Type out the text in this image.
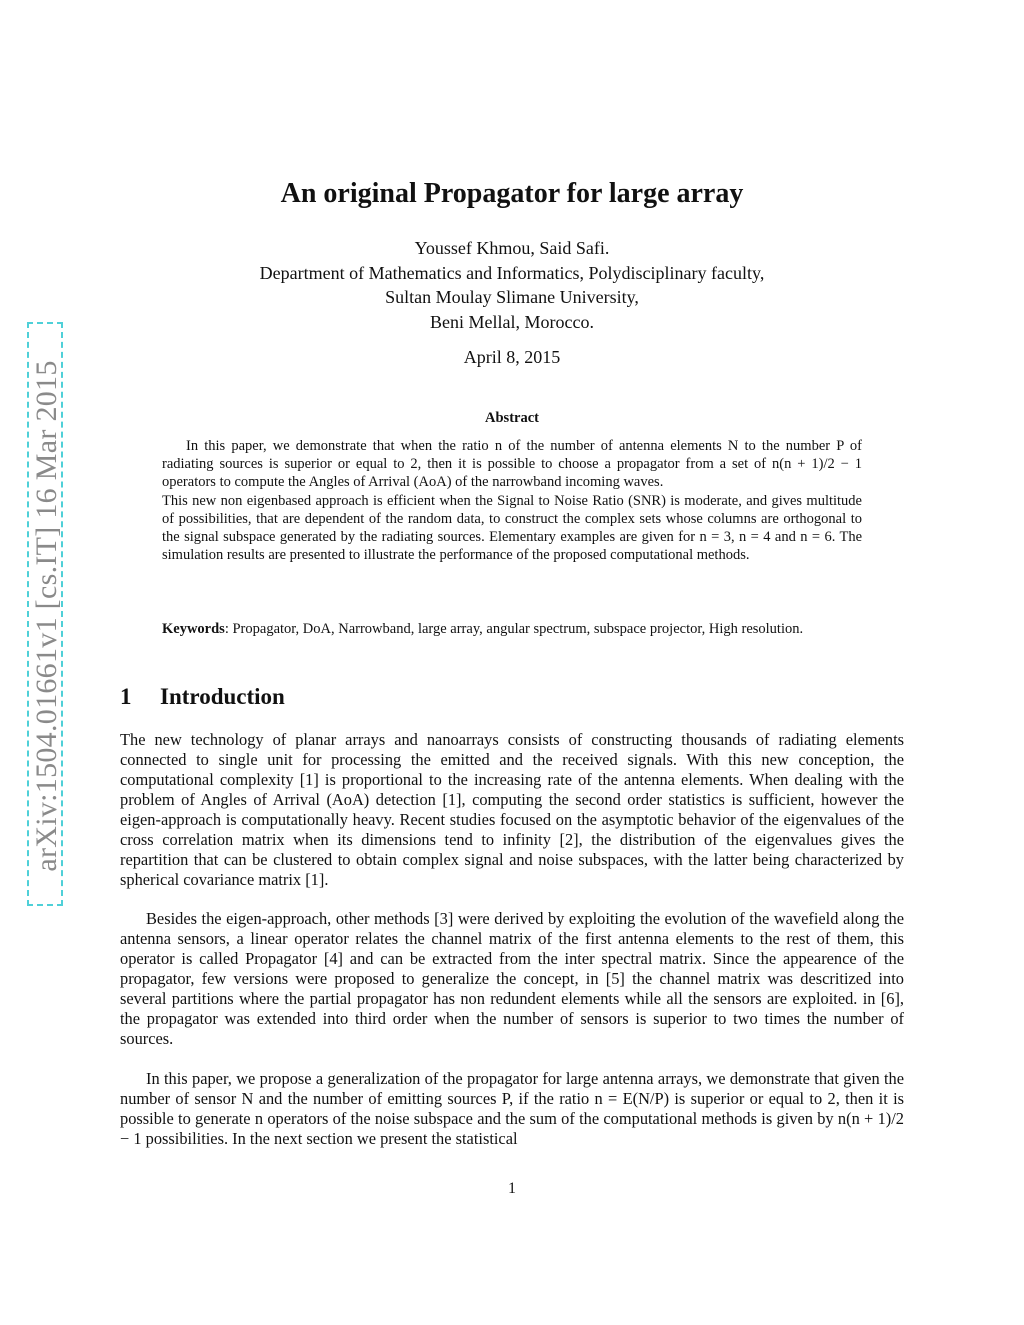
arXiv:1504.01661v1 [cs.IT] 16 Mar 2015
An original Propagator for large array
Youssef Khmou, Said Safi.
Department of Mathematics and Informatics, Polydisciplinary faculty,
Sultan Moulay Slimane University,
Beni Mellal, Morocco.
April 8, 2015
Abstract

In this paper, we demonstrate that when the ratio n of the number of antenna elements N to the number P of radiating sources is superior or equal to 2, then it is possible to choose a propagator from a set of n(n + 1)/2 − 1 operators to compute the Angles of Arrival (AoA) of the narrowband incoming waves.

This new non eigenbased approach is efficient when the Signal to Noise Ratio (SNR) is moderate, and gives multitude of possibilities, that are dependent of the random data, to construct the complex sets whose columns are orthogonal to the signal subspace generated by the radiating sources. Elementary examples are given for n = 3, n = 4 and n = 6. The simulation results are presented to illustrate the performance of the proposed computational methods.

Keywords: Propagator, DoA, Narrowband, large array, angular spectrum, subspace projector, High resolution.
1 Introduction

The new technology of planar arrays and nanoarrays consists of constructing thousands of radiating elements connected to single unit for processing the emitted and the received signals. With this new conception, the computational complexity [1] is proportional to the increasing rate of the antenna elements. When dealing with the problem of Angles of Arrival (AoA) detection [1], computing the second order statistics is sufficient, however the eigen-approach is computationally heavy. Recent studies focused on the asymptotic behavior of the eigenvalues of the cross correlation matrix when its dimensions tend to infinity [2], the distribution of the eigenvalues gives the repartition that can be clustered to obtain complex signal and noise subspaces, with the latter being characterized by spherical covariance matrix [1].

Besides the eigen-approach, other methods [3] were derived by exploiting the evolution of the wavefield along the antenna sensors, a linear operator relates the channel matrix of the first antenna elements to the rest of them, this operator is called Propagator [4] and can be extracted from the inter spectral matrix. Since the appearence of the propagator, few versions were proposed to generalize the concept, in [5] the channel matrix was descritized into several partitions where the partial propagator has non redundent elements while all the sensors are exploited. in [6], the propagator was extended into third order when the number of sensors is superior to two times the number of sources.

In this paper, we propose a generalization of the propagator for large antenna arrays, we demonstrate that given the number of sensor N and the number of emitting sources P, if the ratio n = E(N/P) is superior or equal to 2, then it is possible to generate n operators of the noise subspace and the sum of the computational methods is given by n(n + 1)/2 − 1 possibilities. In the next section we present the statistical

1
